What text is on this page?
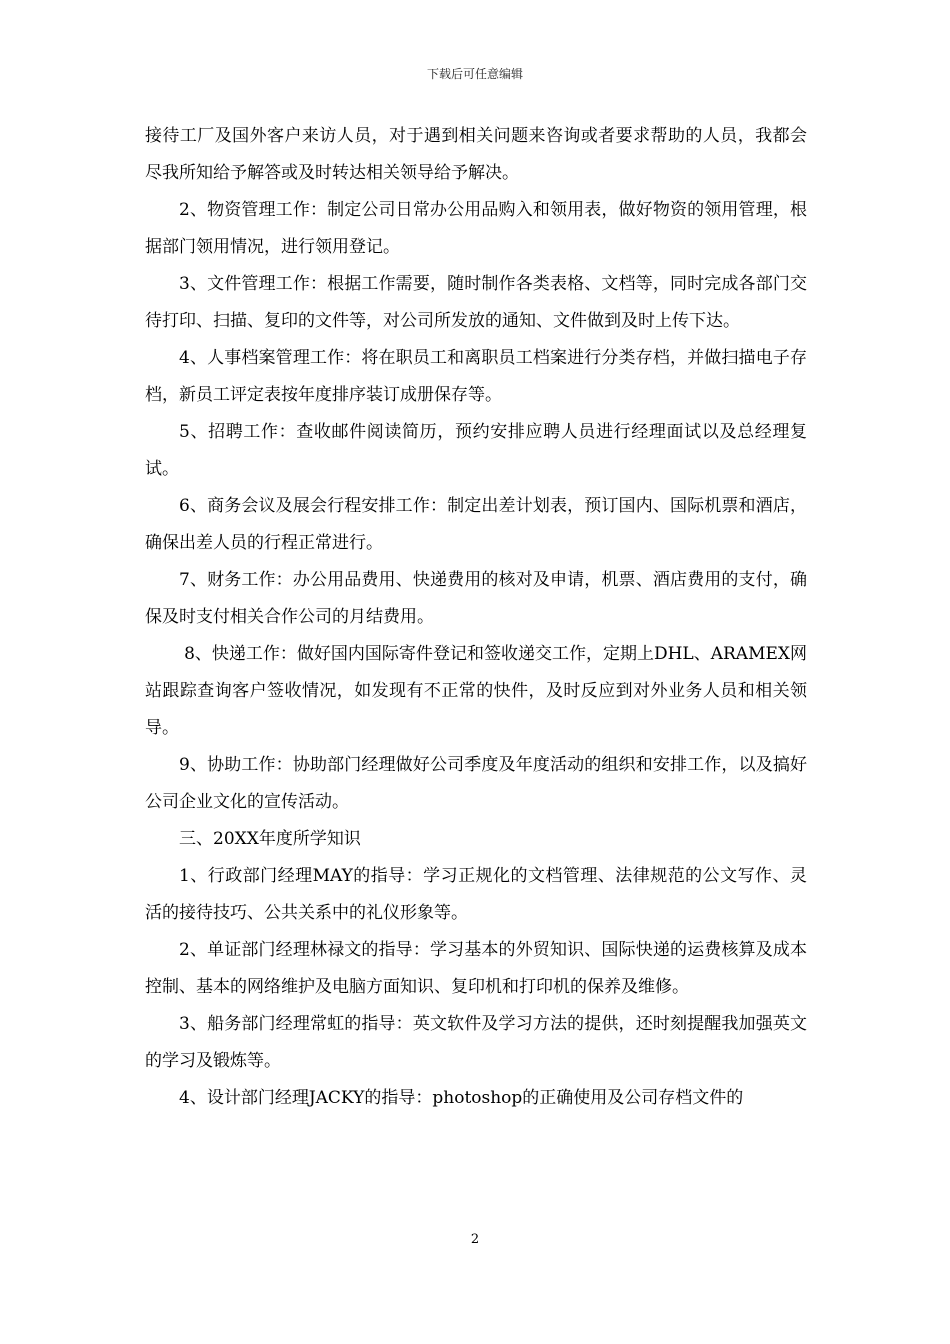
下载后可任意编辑

接待工厂及国外客户来访人员，对于遇到相关问题来咨询或者要求帮助的人员，我都会尽我所知给予解答或及时转达相关领导给予解决。

2、物资管理工作：制定公司日常办公用品购入和领用表，做好物资的领用管理，根据部门领用情况，进行领用登记。

3、文件管理工作：根据工作需要，随时制作各类表格、文档等，同时完成各部门交待打印、扫描、复印的文件等，对公司所发放的通知、文件做到及时上传下达。

4、人事档案管理工作：将在职员工和离职员工档案进行分类存档，并做扫描电子存档，新员工评定表按年度排序装订成册保存等。

5、招聘工作：查收邮件阅读简历，预约安排应聘人员进行经理面试以及总经理复试。

6、商务会议及展会行程安排工作：制定出差计划表，预订国内、国际机票和酒店，确保出差人员的行程正常进行。

7、财务工作：办公用品费用、快递费用的核对及申请，机票、酒店费用的支付，确保及时支付相关合作公司的月结费用。

8、快递工作：做好国内国际寄件登记和签收递交工作，定期上DHL、ARAMEX网站跟踪查询客户签收情况，如发现有不正常的快件，及时反应到对外业务人员和相关领导。

9、协助工作：协助部门经理做好公司季度及年度活动的组织和安排工作，以及搞好公司企业文化的宣传活动。

三、20XX年度所学知识

1、行政部门经理MAY的指导：学习正规化的文档管理、法律规范的公文写作、灵活的接待技巧、公共关系中的礼仪形象等。

2、单证部门经理林禄文的指导：学习基本的外贸知识、国际快递的运费核算及成本控制、基本的网络维护及电脑方面知识、复印机和打印机的保养及维修。

3、船务部门经理常虹的指导：英文软件及学习方法的提供，还时刻提醒我加强英文的学习及锻炼等。

4、设计部门经理JACKY的指导：photoshop的正确使用及公司存档文件的

2
